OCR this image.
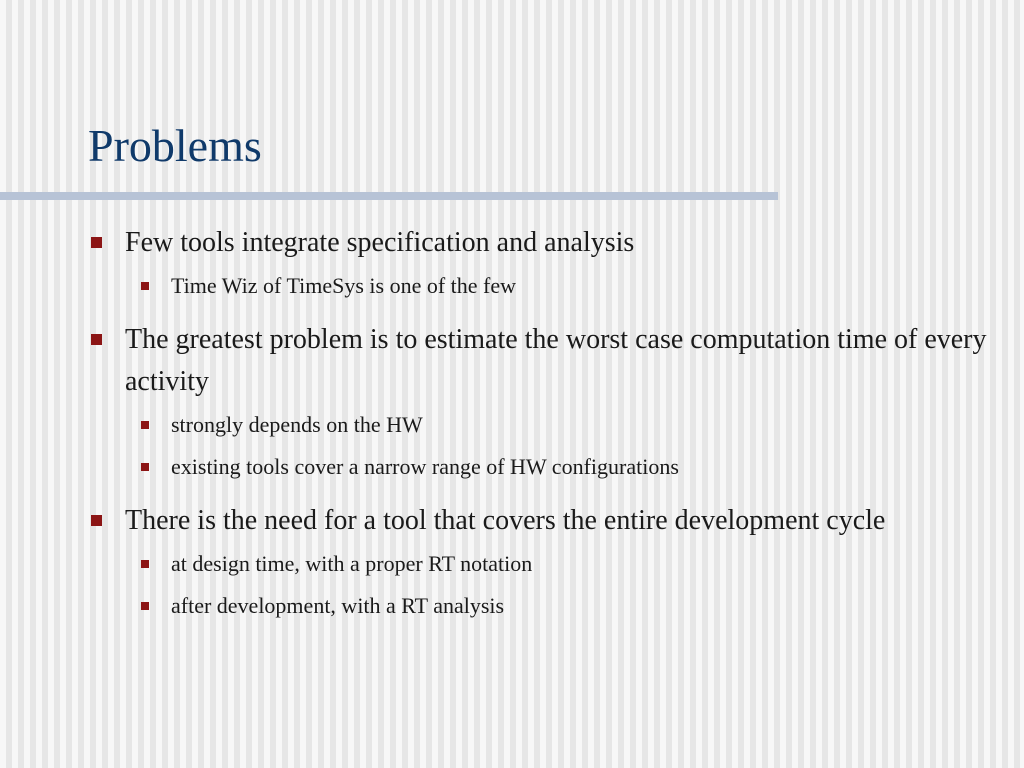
Problems
Few tools integrate specification and analysis
Time Wiz of TimeSys is one of the few
The greatest problem is to estimate the worst case computation time of every activity
strongly depends on the HW
existing tools cover a narrow range of HW configurations
There is the need for a tool that covers the entire development cycle
at design time, with a proper RT notation
after development, with a RT analysis
